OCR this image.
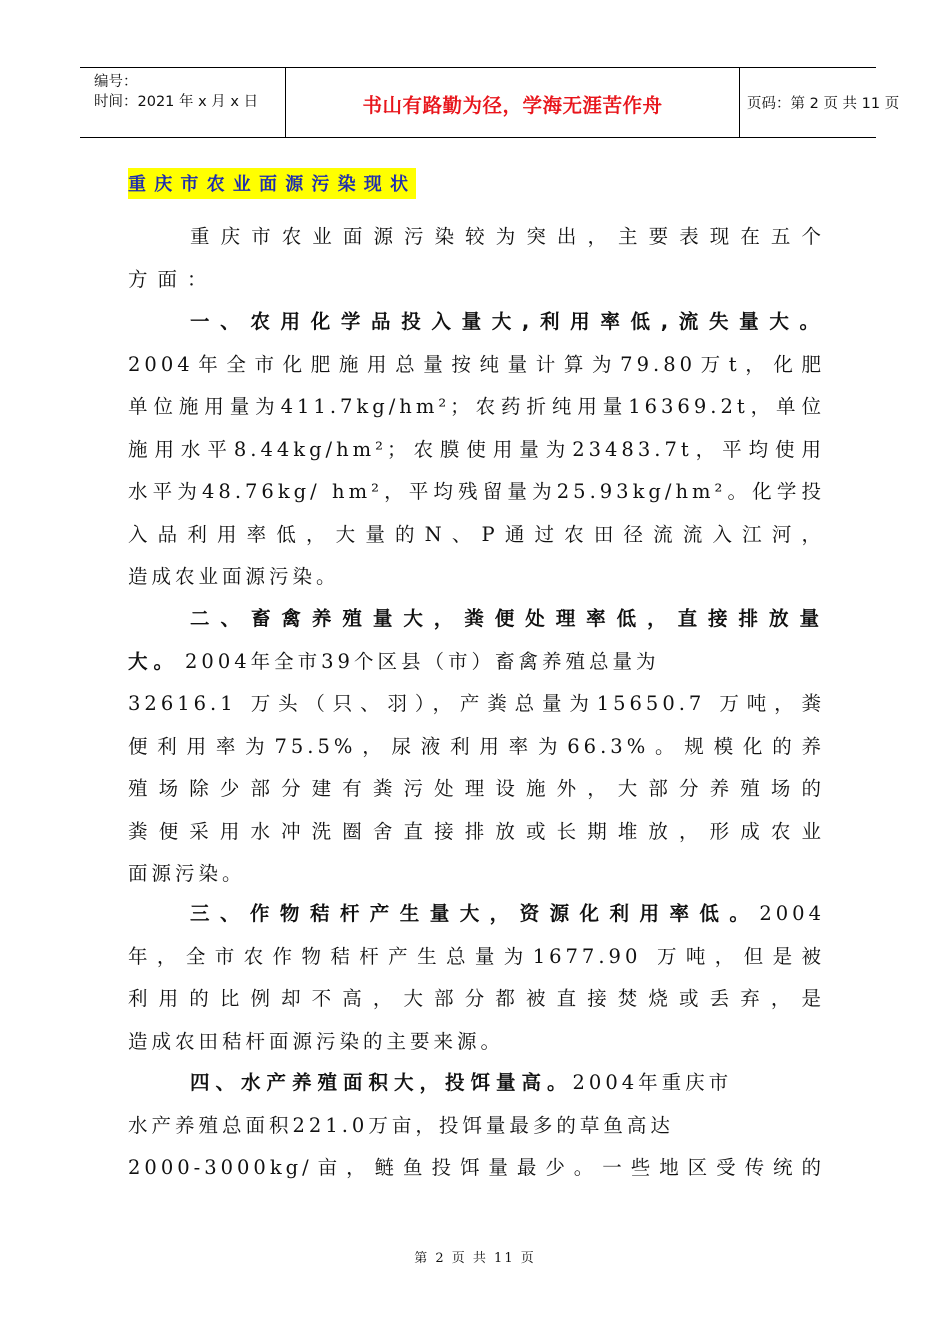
编号：
时间：2021 年 x 月 x 日	书山有路勤为径，学海无涯苦作舟	页码：第 2 页 共 11 页
重庆市农业面源污染现状
重庆市农业面源污染较为突出，主要表现在五个
方面：
一、农用化学品投入量大,利用率低,流失量大。
2004年全市化肥施用总量按纯量计算为79.80万t，化肥
单位施用量为411.7kg/hm²；农药折纯用量16369.2t，单位
施用水平8.44kg/hm²；农膜使用量为23483.7t，平均使用
水平为48.76kg/ hm²，平均残留量为25.93kg/hm²。化学投
入品利用率低，大量的N、P通过农田径流流入江河，
造成农业面源污染。
二、畜禽养殖量大，粪便处理率低，直接排放量
大。 2004年全市39个区县（市）畜禽养殖总量为
32616.1 万头（只、羽），产粪总量为15650.7 万吨，粪
便利用率为75.5%，尿液利用率为66.3%。规模化的养
殖场除少部分建有粪污处理设施外，大部分养殖场的
粪便采用水冲洗圈舍直接排放或长期堆放，形成农业
面源污染。
三、作物秸杆产生量大，资源化利用率低。2004
年，全市农作物秸杆产生总量为1677.90 万吨，但是被
利用的比例却不高，大部分都被直接焚烧或丢弃，是
造成农田秸杆面源污染的主要来源。
四、水产养殖面积大，投饵量高。2004年重庆市
水产养殖总面积221.0万亩，投饵量最多的草鱼高达
2000-3000kg/亩，鲢鱼投饵量最少。一些地区受传统的
第 2 页 共 11 页
